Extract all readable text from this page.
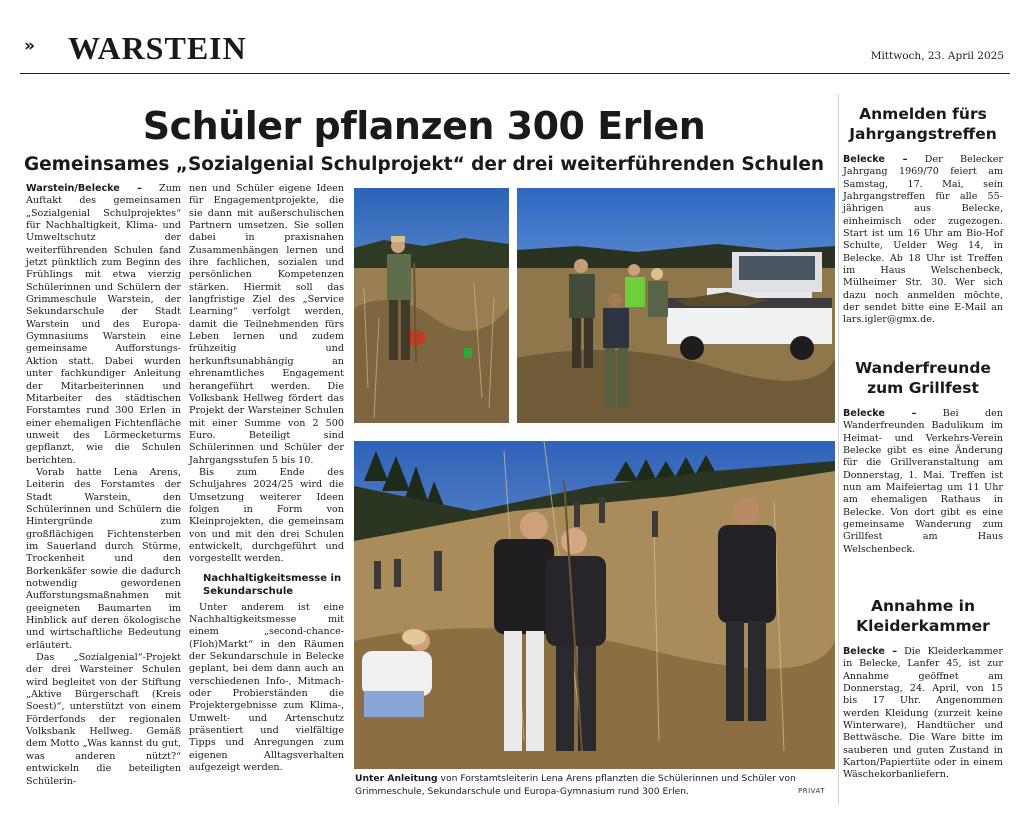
» WARSTEIN	Mittwoch, 23. April 2025
Schüler pflanzen 300 Erlen
Gemeinsames „Sozialgenial Schulprojekt“ der drei weiterführenden Schulen

Warstein/Belecke – Zum Auftakt des gemeinsamen „Sozialgenial Schulprojektes“ für Nachhaltigkeit, Klima- und Umweltschutz der weiterführenden Schulen fand jetzt pünktlich zum Beginn des Frühlings mit etwa vierzig Schülerinnen und Schülern der Grimmeschule Warstein, der Sekundarschule der Stadt Warstein und des Europa-Gymnasiums Warstein eine gemeinsame Aufforstungs-Aktion statt. Dabei wurden unter fachkundiger Anleitung der Mitarbeiterinnen und Mitarbeiter des städtischen Forstamtes rund 300 Erlen in einer ehemaligen Fichtenfläche unweit des Lörmecketurms gepflanzt, wie die Schulen berichten.

Vorab hatte Lena Arens, Leiterin des Forstamtes der Stadt Warstein, den Schülerinnen und Schülern die Hintergründe zum großflächigen Fichtensterben im Sauerland durch Stürme, Trockenheit und den Borkenkäfer sowie die dadurch notwendig gewordenen Aufforstungsmaßnahmen mit geeigneten Baumarten im Hinblick auf deren ökologische und wirtschaftliche Bedeutung erläutert.

Das „Sozialgenial“-Projekt der drei Warsteiner Schulen wird begleitet von der Stiftung „Aktive Bürgerschaft (Kreis Soest)“, unterstützt von einem Förderfonds der regionalen Volksbank Hellweg. Gemäß dem Motto „Was kannst du gut, was anderen nützt?“ entwickeln die beteiligten Schülerin-

nen und Schüler eigene Ideen für Engagementprojekte, die sie dann mit außerschulischen Partnern umsetzen. Sie sollen dabei in praxisnahen Zusammenhängen lernen und ihre fachlichen, sozialen und persönlichen Kompetenzen stärken. Hiermit soll das langfristige Ziel des „Service Learning“ verfolgt werden, damit die Teilnehmenden fürs Leben lernen und zudem frühzeitig und herkunftsunabhängig an ehrenamtliches Engagement herangeführt werden. Die Volksbank Hellweg fördert das Projekt der Warsteiner Schulen mit einer Summe von 2 500 Euro. Beteiligt sind Schülerinnen und Schüler der Jahrgangsstufen 5 bis 10.

Bis zum Ende des Schuljahres 2024/25 wird die Umsetzung weiterer Ideen folgen in Form von Kleinprojekten, die gemeinsam von und mit den drei Schulen entwickelt, durchgeführt und vorgestellt werden.

Nachhaltigkeitsmesse in Sekundarschule

Unter anderem ist eine Nachhaltigkeitsmesse mit einem „second-chance-(Floh)Markt“ in den Räumen der Sekundarschule in Belecke geplant, bei dem dann auch an verschiedenen Info-, Mitmach- oder Probierständen die Projektergebnisse zum Klima-, Umwelt- und Artenschutz präsentiert und vielfältige Tipps und Anregungen zum eigenen Alltagsverhalten aufgezeigt werden.

Unter Anleitung von Forstamtsleiterin Lena Arens pflanzten die Schülerinnen und Schüler von Grimmeschule, Sekundarschule und Europa-Gymnasium rund 300 Erlen.	PRIVAT
Anmelden fürs Jahrgangstreffen
Belecke – Der Belecker Jahrgang 1969/70 feiert am Samstag, 17. Mai, sein Jahrgangstreffen für alle 55-jährigen aus Belecke, einheimisch oder zugezogen. Start ist um 16 Uhr am Bio-Hof Schulte, Uelder Weg 14, in Belecke. Ab 18 Uhr ist Treffen im Haus Welschenbeck, Mülheimer Str. 30. Wer sich dazu noch anmelden möchte, der sendet bitte eine E-Mail an lars.igler@gmx.de.
Wanderfreunde zum Grillfest
Belecke –	Bei den Wanderfreunden Badulikum im Heimat- und Verkehrs-Verein Belecke gibt es eine Änderung für die Grillveranstaltung am Donnerstag, 1. Mai. Treffen ist nun am Maifeiertag um 11 Uhr am ehemaligen Rathaus in Belecke. Von dort gibt es eine gemeinsame Wanderung zum Grillfest am Haus Welschenbeck.
Annahme in Kleiderkammer
Belecke – Die Kleiderkammer in Belecke, Lanfer 45, ist zur Annahme geöffnet am Donnerstag, 24. April, von 15 bis 17 Uhr. Angenommen werden Kleidung (zurzeit keine Winterware), Handtücher und Bettwäsche. Die Ware bitte im sauberen und guten Zustand in Karton/Papiertüte oder in einem Wäschekorbanliefern.
